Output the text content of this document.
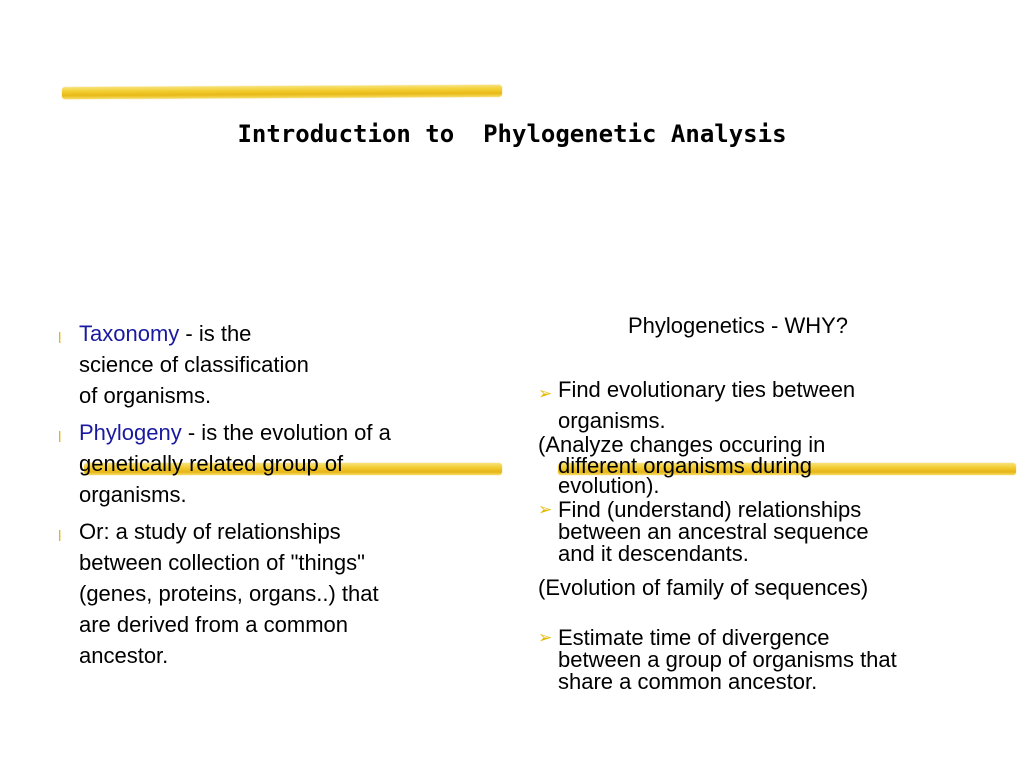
Introduction to  Phylogenetic Analysis
l Taxonomy - is the
science of classification
of organisms.
l Phylogeny - is the evolution of a
genetically related group of
organisms.
l Or: a study of relationships
between collection of "things"
(genes, proteins, organs..) that
are derived from a common
ancestor.
Phylogenetics - WHY?
➢ Find evolutionary ties between
organisms.
(Analyze changes occuring in

different organisms during
evolution).
➢ Find (understand) relationships
between an ancestral sequence
and it descendants.
(Evolution of family of sequences)
➢ Estimate time of divergence
between a group of organisms that
share a common ancestor.
